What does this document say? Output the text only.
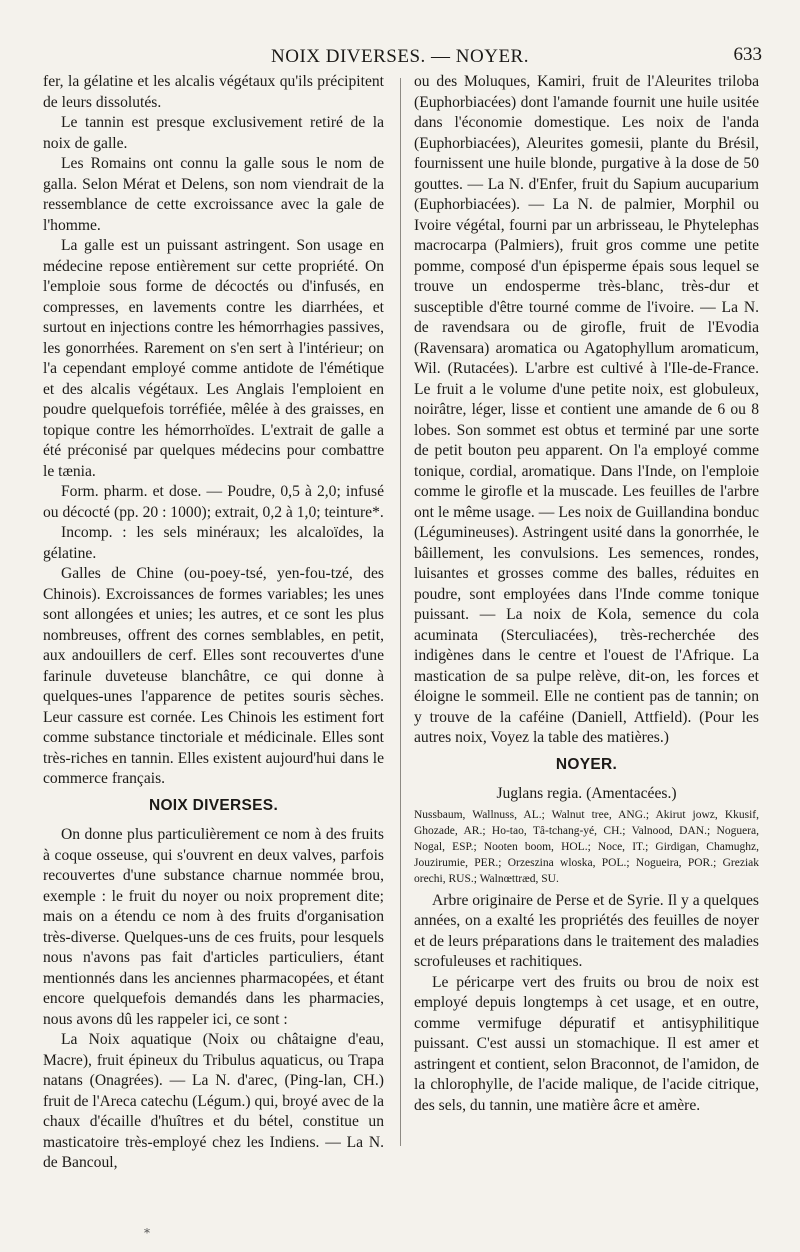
NOIX DIVERSES. — NOYER.	633

fer, la gélatine et les alcalis végétaux qu'ils précipitent de leurs dissolutés.

Le tannin est presque exclusivement retiré de la noix de galle.

Les Romains ont connu la galle sous le nom de galla. Selon Mérat et Delens, son nom viendrait de la ressemblance de cette excroissance avec la gale de l'homme.

La galle est un puissant astringent. Son usage en médecine repose entièrement sur cette propriété. On l'emploie sous forme de décoctés ou d'infusés, en compresses, en lavements contre les diarrhées, et surtout en injections contre les hémorrhagies passives, les gonorrhées. Rarement on s'en sert à l'intérieur; on l'a cependant employé comme antidote de l'émétique et des alcalis végétaux. Les Anglais l'emploient en poudre quelquefois torréfiée, mêlée à des graisses, en topique contre les hémorrhoïdes. L'extrait de galle a été préconisé par quelques médecins pour combattre le tænia.

Form. pharm. et dose. — Poudre, 0,5 à 2,0; infusé ou décocté (pp. 20 : 1000); extrait, 0,2 à 1,0; teinture*.

Incomp. : les sels minéraux; les alcaloïdes, la gélatine.

Galles de Chine (ou-poey-tsé, yen-fou-tzé, des Chinois). Excroissances de formes variables; les unes sont allongées et unies; les autres, et ce sont les plus nombreuses, offrent des cornes semblables, en petit, aux andouillers de cerf. Elles sont recouvertes d'une farinule duveteuse blanchâtre, ce qui donne à quelques-unes l'apparence de petites souris sèches. Leur cassure est cornée. Les Chinois les estiment fort comme substance tinctoriale et médicinale. Elles sont très-riches en tannin. Elles existent aujourd'hui dans le commerce français.

NOIX DIVERSES.

On donne plus particulièrement ce nom à des fruits à coque osseuse, qui s'ouvrent en deux valves, parfois recouvertes d'une substance charnue nommée brou, exemple : le fruit du noyer ou noix proprement dite; mais on a étendu ce nom à des fruits d'organisation très-diverse. Quelques-uns de ces fruits, pour lesquels nous n'avons pas fait d'articles particuliers, étant mentionnés dans les anciennes pharmacopées, et étant encore quelquefois demandés dans les pharmacies, nous avons dû les rappeler ici, ce sont :

La Noix aquatique (Noix ou châtaigne d'eau, Macre), fruit épineux du Tribulus aquaticus, ou Trapa natans (Onagrées). — La N. d'arec, (Ping-lan, CH.) fruit de l'Areca catechu (Légum.) qui, broyé avec de la chaux d'écaille d'huîtres et du bétel, constitue un masticatoire très-employé chez les Indiens. — La N. de Bancoul,

ou des Moluques, Kamiri, fruit de l'Aleurites triloba (Euphorbiacées) dont l'amande fournit une huile usitée dans l'économie domestique. Les noix de l'anda (Euphorbiacées), Aleurites gomesii, plante du Brésil, fournissent une huile blonde, purgative à la dose de 50 gouttes. — La N. d'Enfer, fruit du Sapium aucuparium (Euphorbiacées). — La N. de palmier, Morphil ou Ivoire végétal, fourni par un arbrisseau, le Phytelephas macrocarpa (Palmiers), fruit gros comme une petite pomme, composé d'un épisperme épais sous lequel se trouve un endosperme très-blanc, très-dur et susceptible d'être tourné comme de l'ivoire. — La N. de ravendsara ou de girofle, fruit de l'Evodia (Ravensara) aromatica ou Agatophyllum aromaticum, Wil. (Rutacées). L'arbre est cultivé à l'Ile-de-France. Le fruit a le volume d'une petite noix, est globuleux, noirâtre, léger, lisse et contient une amande de 6 ou 8 lobes. Son sommet est obtus et terminé par une sorte de petit bouton peu apparent. On l'a employé comme tonique, cordial, aromatique. Dans l'Inde, on l'emploie comme le girofle et la muscade. Les feuilles de l'arbre ont le même usage. — Les noix de Guillandina bonduc (Légumineuses). Astringent usité dans la gonorrhée, le bâillement, les convulsions. Les semences, rondes, luisantes et grosses comme des balles, réduites en poudre, sont employées dans l'Inde comme tonique puissant. — La noix de Kola, semence du cola acuminata (Sterculiacées), très-recherchée des indigènes dans le centre et l'ouest de l'Afrique. La mastication de sa pulpe relève, dit-on, les forces et éloigne le sommeil. Elle ne contient pas de tannin; on y trouve de la caféine (Daniell, Attfield). (Pour les autres noix, Voyez la table des matières.)

NOYER.

Juglans regia. (Amentacées.)

Nussbaum, Wallnuss, AL.; Walnut tree, ANG.; Akirut jowz, Kkusif, Ghozade, AR.; Ho-tao, Tâ-tchang-yé, CH.; Valnood, DAN.; Noguera, Nogal, ESP.; Nooten boom, HOL.; Noce, IT.; Girdigan, Chamughz, Jouzirumie, PER.; Orzeszina wloska, POL.; Nogueira, POR.; Greziak orechi, RUS.; Walnœttræd, SU.

Arbre originaire de Perse et de Syrie. Il y a quelques années, on a exalté les propriétés des feuilles de noyer et de leurs préparations dans le traitement des maladies scrofuleuses et rachitiques.

Le péricarpe vert des fruits ou brou de noix est employé depuis longtemps à cet usage, et en outre, comme vermifuge dépuratif et antisyphilitique puissant. C'est aussi un stomachique. Il est amer et astringent et contient, selon Braconnot, de l'amidon, de la chlorophylle, de l'acide malique, de l'acide citrique, des sels, du tannin, une matière âcre et amère.

*
